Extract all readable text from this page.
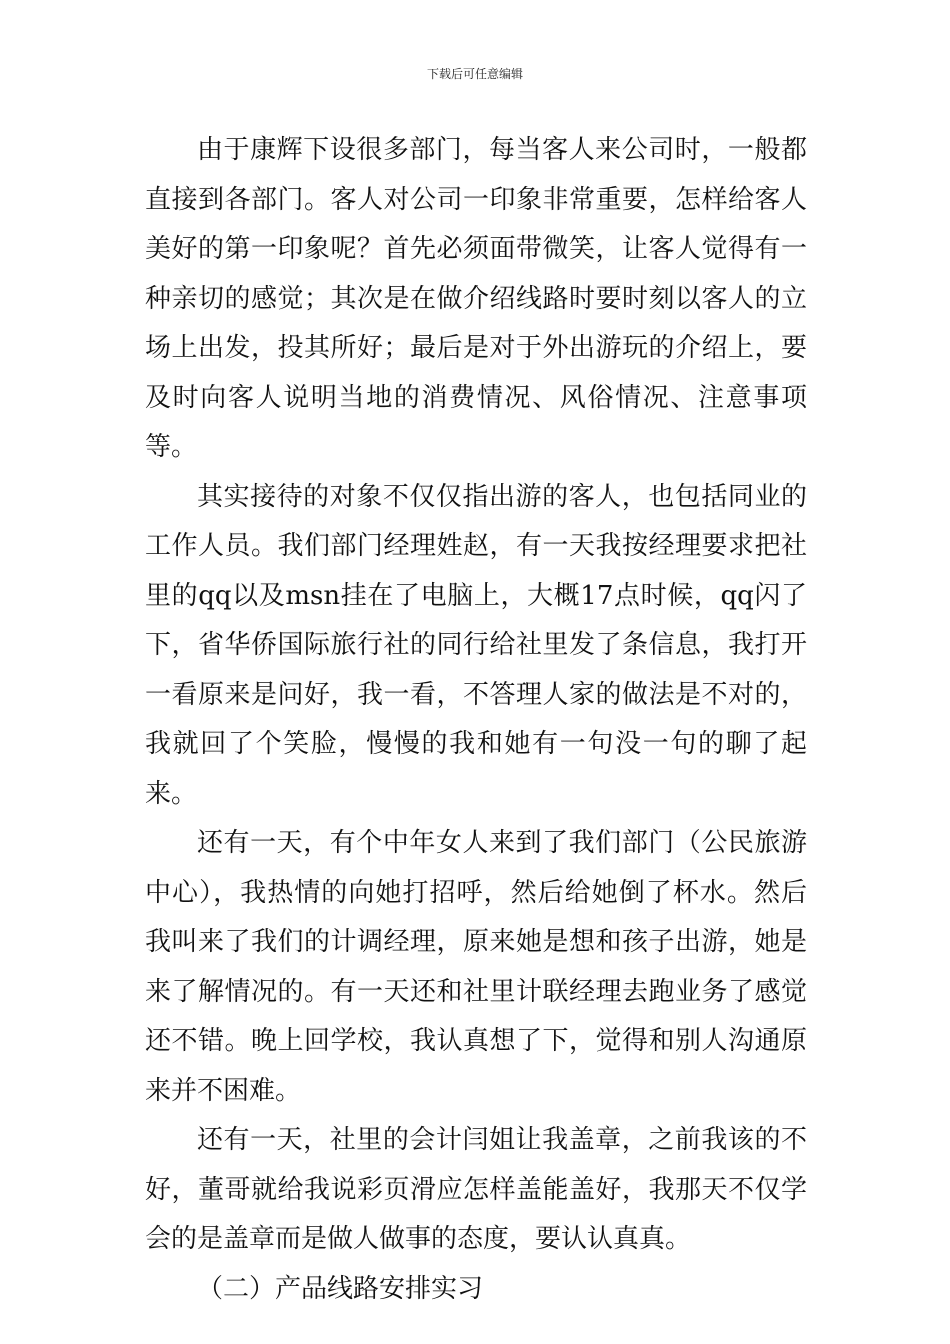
下载后可任意编辑

由于康辉下设很多部门，每当客人来公司时，一般都直接到各部门。客人对公司一印象非常重要，怎样给客人美好的第一印象呢？首先必须面带微笑，让客人觉得有一种亲切的感觉；其次是在做介绍线路时要时刻以客人的立场上出发，投其所好；最后是对于外出游玩的介绍上，要及时向客人说明当地的消费情况、风俗情况、注意事项等。

其实接待的对象不仅仅指出游的客人，也包括同业的工作人员。我们部门经理姓赵，有一天我按经理要求把社里的qq以及msn挂在了电脑上，大概17点时候，qq闪了下，省华侨国际旅行社的同行给社里发了条信息，我打开一看原来是问好，我一看，不答理人家的做法是不对的，我就回了个笑脸，慢慢的我和她有一句没一句的聊了起来。

还有一天，有个中年女人来到了我们部门（公民旅游中心），我热情的向她打招呼，然后给她倒了杯水。然后我叫来了我们的计调经理，原来她是想和孩子出游，她是来了解情况的。有一天还和社里计联经理去跑业务了感觉还不错。晚上回学校，我认真想了下，觉得和别人沟通原来并不困难。

还有一天，社里的会计闫姐让我盖章，之前我该的不好，董哥就给我说彩页滑应怎样盖能盖好，我那天不仅学会的是盖章而是做人做事的态度，要认认真真。

（二）产品线路安排实习
